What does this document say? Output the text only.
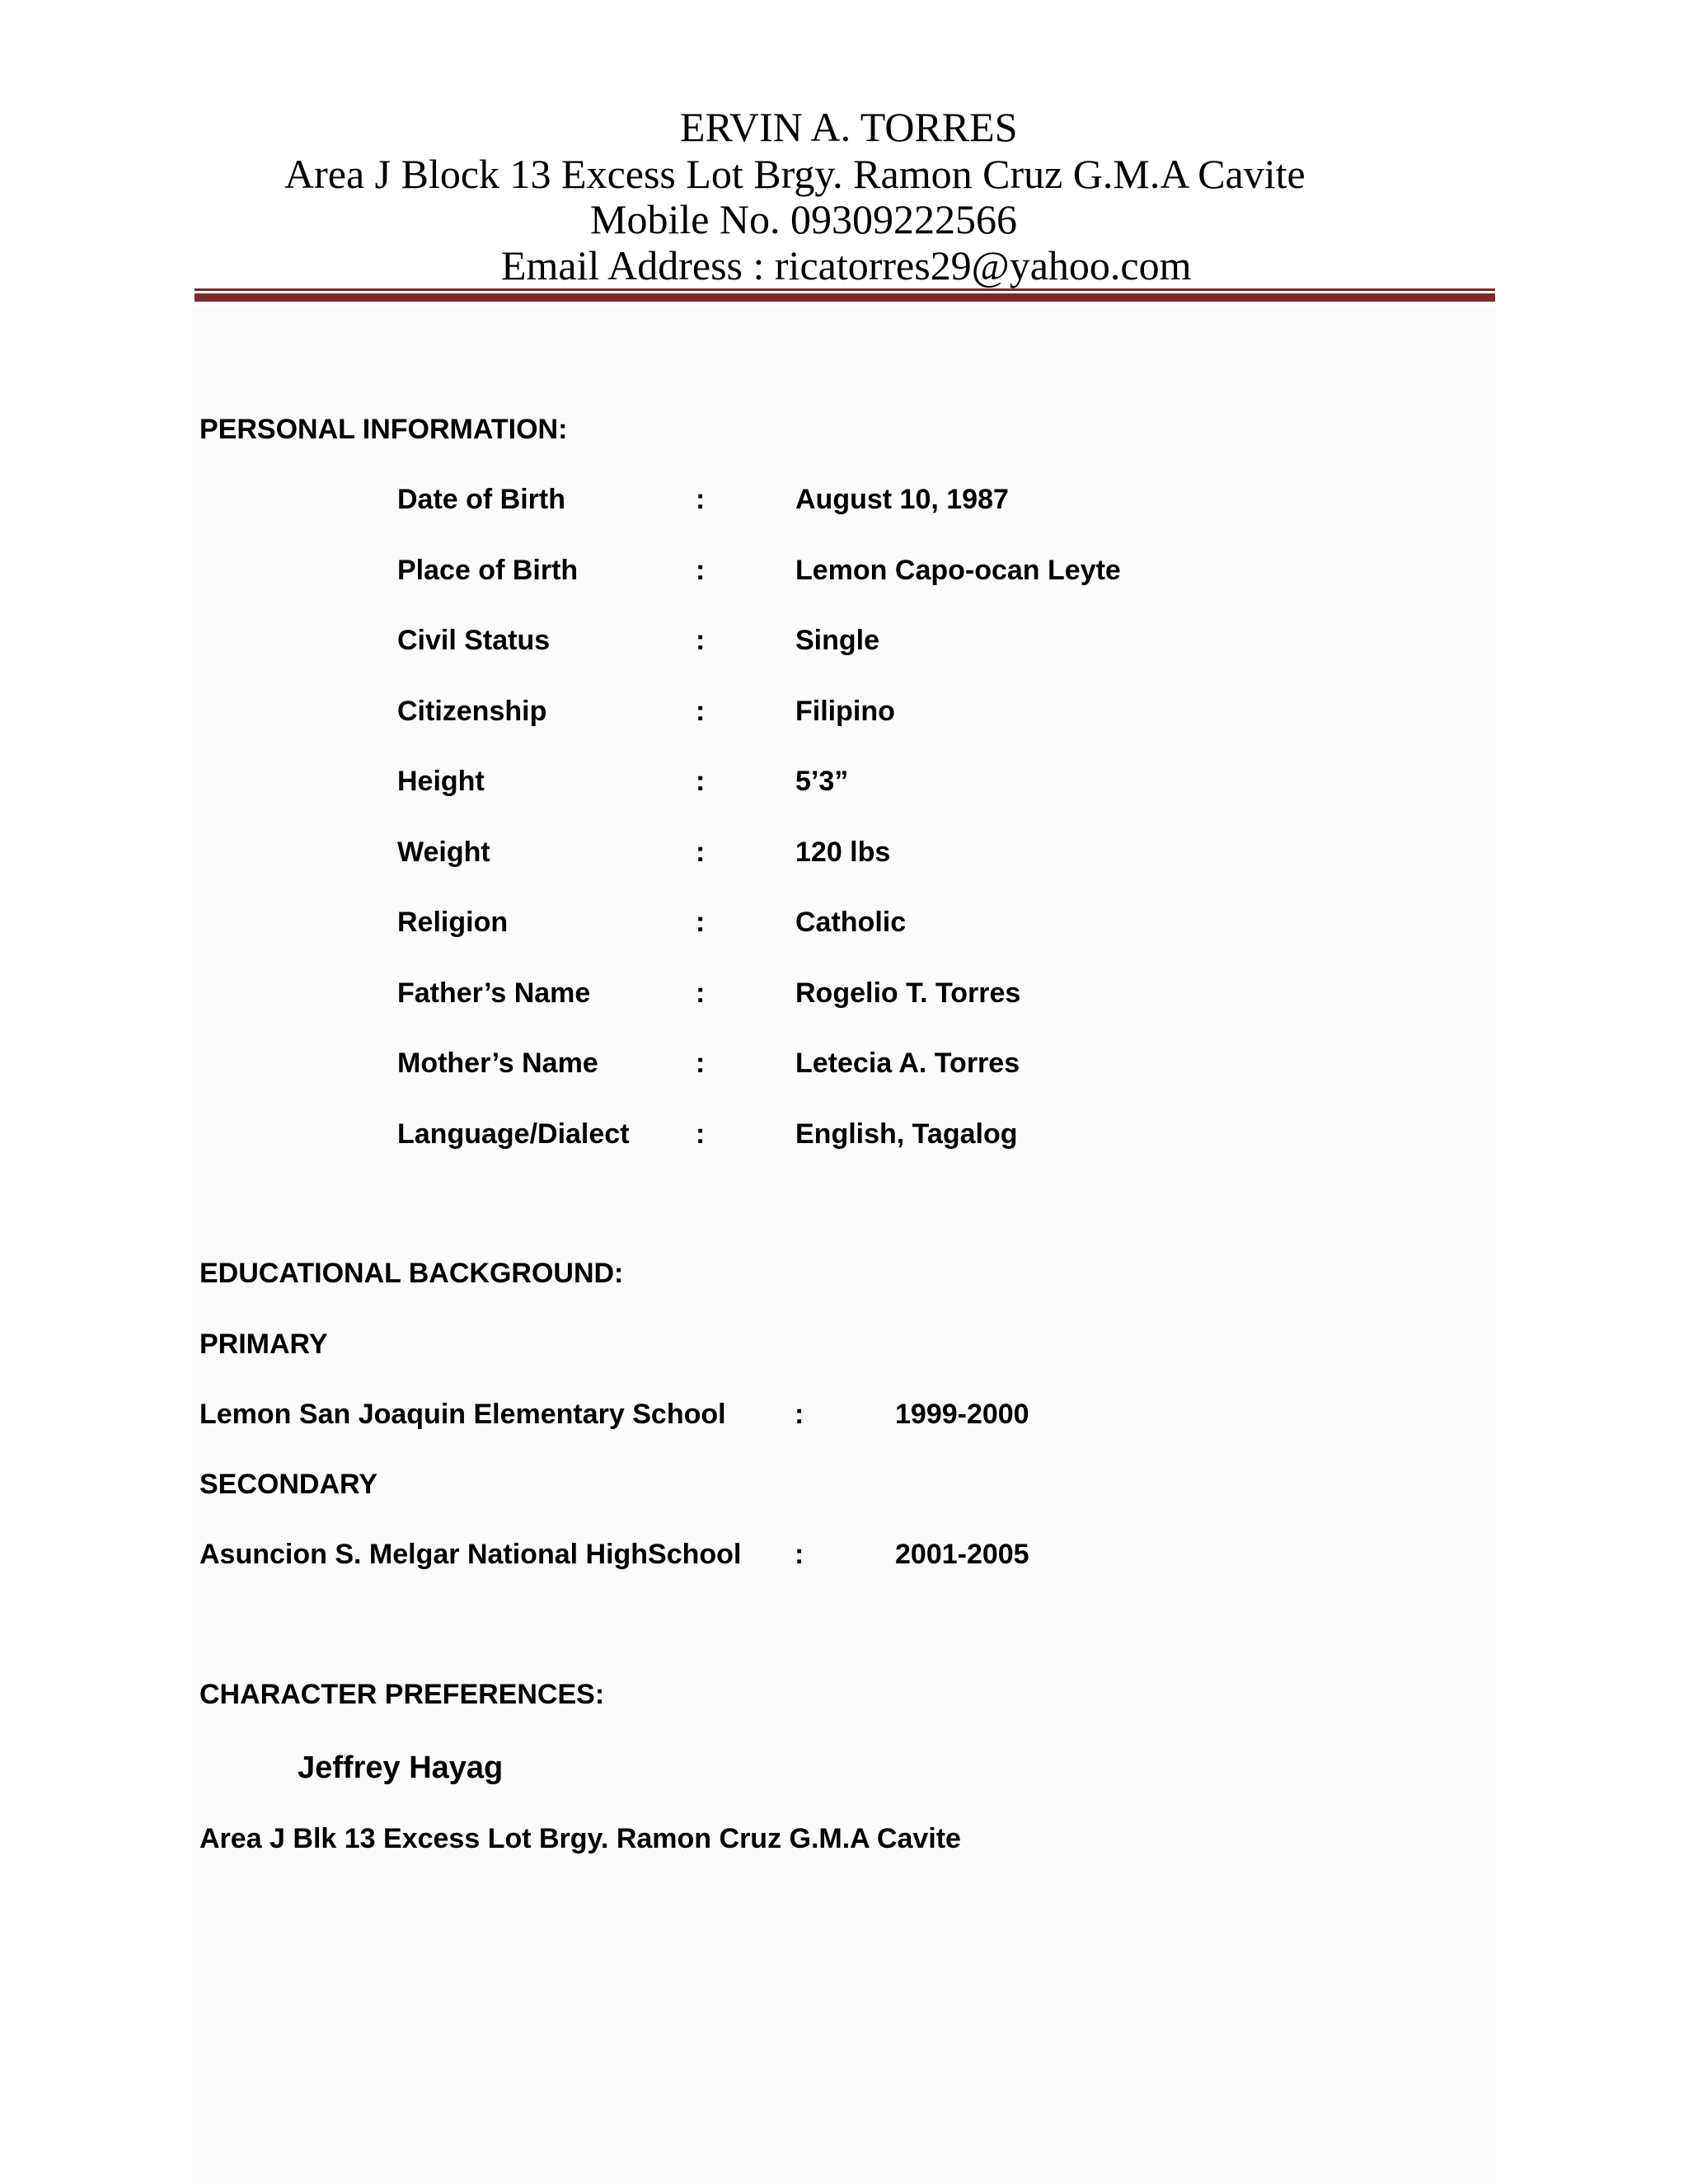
ERVIN A. TORRES
Area J Block 13 Excess Lot Brgy. Ramon Cruz G.M.A Cavite
Mobile No. 09309222566
Email Address : ricatorres29@yahoo.com
PERSONAL INFORMATION:
Date of Birth	:	August 10, 1987
Place of Birth	:	Lemon Capo-ocan Leyte
Civil Status	:	Single
Citizenship	:	Filipino
Height	:	5’3”
Weight	:	120 lbs
Religion	:	Catholic
Father’s Name	:	Rogelio T. Torres
Mother’s Name	:	Letecia A. Torres
Language/Dialect :	English, Tagalog
EDUCATIONAL BACKGROUND:
PRIMARY
Lemon San Joaquin Elementary School :	1999-2000
SECONDARY
Asuncion S. Melgar National HighSchool :	2001-2005
CHARACTER PREFERENCES:
Jeffrey Hayag
Area J Blk 13 Excess Lot Brgy. Ramon Cruz G.M.A Cavite
